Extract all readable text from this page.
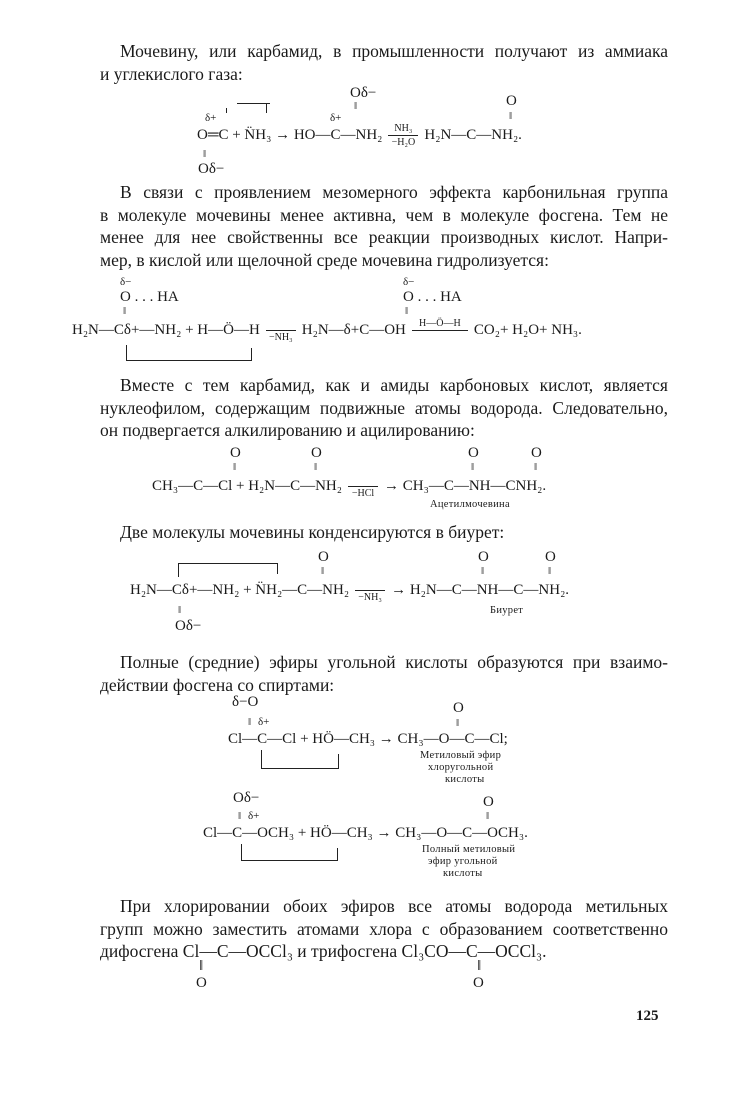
Мочевину, или карбамид, в промышленности получают из аммиака
и углекислого газа:
Oδ−	O
δ+	δ+
‖
‖
O═C + N̈H₃ → HO—C—NH₂ NH₃
−H₂O H₂N—C—NH₂.
‖
Oδ−
В связи с проявлением мезомерного эффекта карбонильная группа
в молекуле мочевины менее активна, чем в молекуле фосгена. Тем не
менее для нее свойственны все реакции производных кислот. Напри-
мер, в кислой или щелочной среде мочевина гидролизуется:
δ−
O . . . HA
δ−
O . . . HA
‖	‖
H₂N—Cδ+—NH₂ + H—Ö—H −NH₃ H₂N—δ+C—OH H—Ö—H CO₂+ H₂O+ NH₃.
Вместе с тем карбамид, как и амиды карбоновых кислот, является
нуклеофилом, содержащим подвижные атомы водорода. Следовательно,
он подвергается алкилированию и ацилированию:
O	O	O	O
‖	‖	‖	‖
CH₃—C—Cl + H₂N—C—NH₂ −HCl → CH₃—C—NH—CNH₂.
Ацетилмочевина
Две молекулы мочевины конденсируются в биурет:
O	O	O
‖	‖	‖
H₂N—Cδ+—NH₂ + N̈H₂—C—NH₂ −NH₃ → H₂N—C—NH—C—NH₂.
Биурет
‖
Oδ−
Полные (средние) эфиры угольной кислоты образуются при взаимо-
действии фосгена со спиртами:
δ−O	O
δ+
‖	‖
Cl—C—Cl + HÖ—CH₃ → CH₃—O—C—Cl;
Метиловый эфир
хлоругольной
кислоты
Oδ−	O
δ+
‖	‖
Cl—C—OCH₃ + HÖ—CH₃ → CH₃—O—C—OCH₃.
Полный метиловый
эфир угольной
кислоты
При хлорировании обоих эфиров все атомы водорода метильных
групп можно заместить атомами хлора с образованием соответственно
дифосгена Cl—C—OCCl₃ и трифосгена Cl₃CO—C—OCCl₃.
‖
O
‖
O
125
